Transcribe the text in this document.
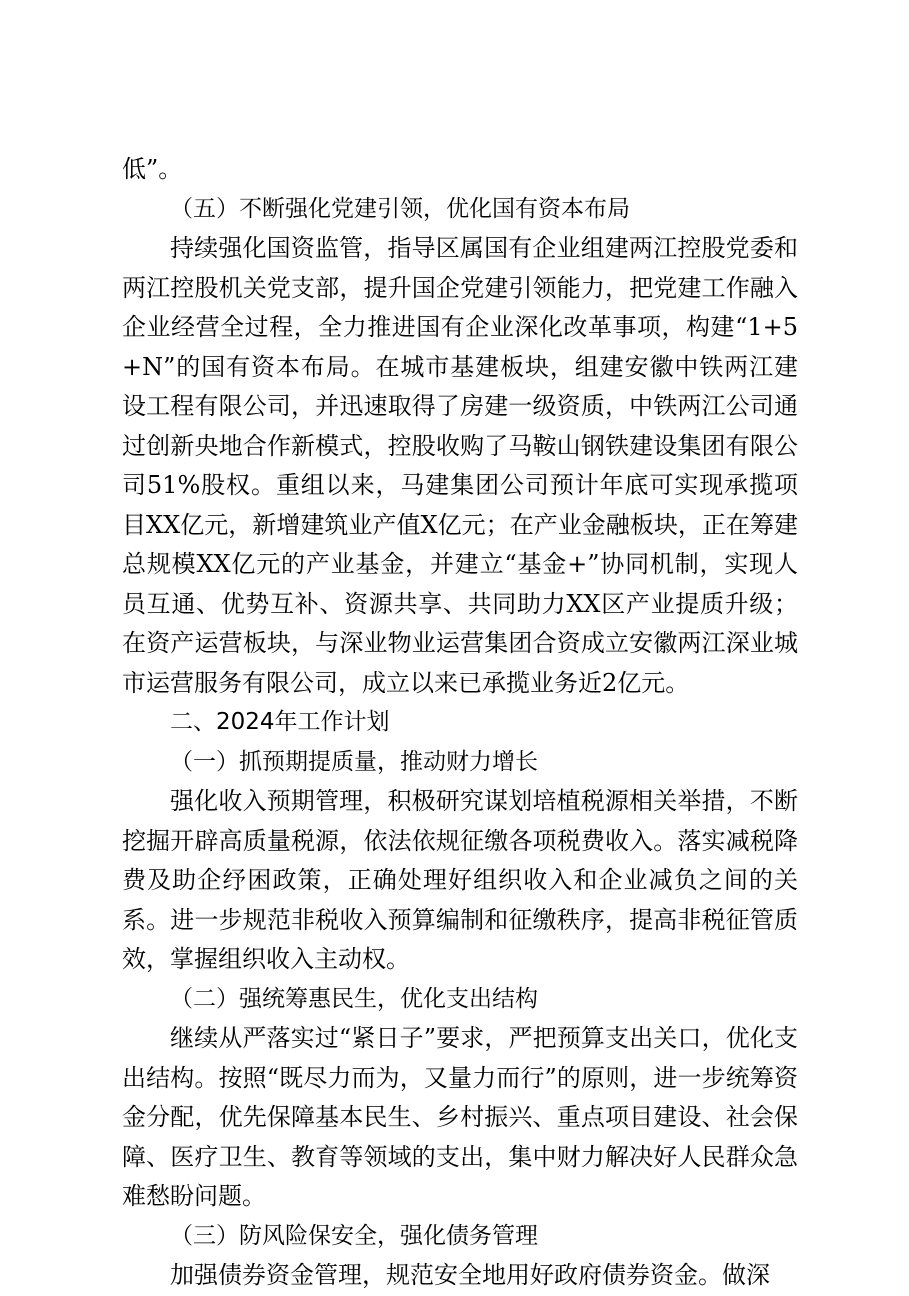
低”。

（五）不断强化党建引领，优化国有资本布局

持续强化国资监管，指导区属国有企业组建两江控股党委和两江控股机关党支部，提升国企党建引领能力，把党建工作融入企业经营全过程，全力推进国有企业深化改革事项，构建“1+5+N”的国有资本布局。在城市基建板块，组建安徽中铁两江建设工程有限公司，并迅速取得了房建一级资质，中铁两江公司通过创新央地合作新模式，控股收购了马鞍山钢铁建设集团有限公司51%股权。重组以来，马建集团公司预计年底可实现承揽项目XX亿元，新增建筑业产值X亿元；在产业金融板块，正在筹建总规模XX亿元的产业基金，并建立“基金+”协同机制，实现人员互通、优势互补、资源共享、共同助力XX区产业提质升级；在资产运营板块，与深业物业运营集团合资成立安徽两江深业城市运营服务有限公司，成立以来已承揽业务近2亿元。

二、2024年工作计划

（一）抓预期提质量，推动财力增长

强化收入预期管理，积极研究谋划培植税源相关举措，不断挖掘开辟高质量税源，依法依规征缴各项税费收入。落实减税降费及助企纾困政策，正确处理好组织收入和企业减负之间的关系。进一步规范非税收入预算编制和征缴秩序，提高非税征管质效，掌握组织收入主动权。

（二）强统筹惠民生，优化支出结构

继续从严落实过“紧日子”要求，严把预算支出关口，优化支出结构。按照“既尽力而为，又量力而行”的原则，进一步统筹资金分配，优先保障基本民生、乡村振兴、重点项目建设、社会保障、医疗卫生、教育等领域的支出，集中财力解决好人民群众急难愁盼问题。

（三）防风险保安全，强化债务管理

加强债券资金管理，规范安全地用好政府债券资金。做深
